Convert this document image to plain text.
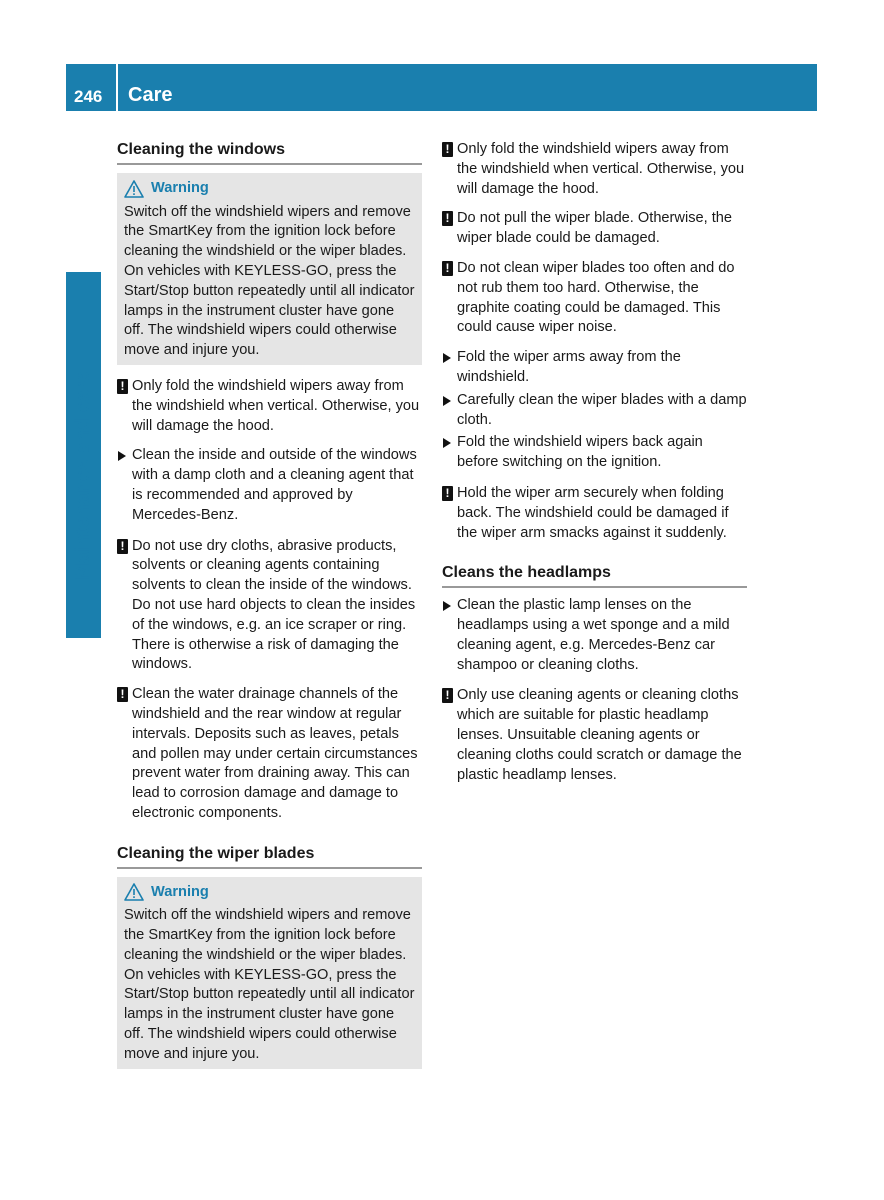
246 Care
Maintenance and care
Cleaning the windows
Warning

Switch off the windshield wipers and remove the SmartKey from the ignition lock before cleaning the windshield or the wiper blades. On vehicles with KEYLESS-GO, press the Start/Stop button repeatedly until all indicator lamps in the instrument cluster have gone off. The windshield wipers could otherwise move and injure you.

! Only fold the windshield wipers away from the windshield when vertical. Otherwise, you will damage the hood.

Clean the inside and outside of the windows with a damp cloth and a cleaning agent that is recommended and approved by Mercedes-Benz.

! Do not use dry cloths, abrasive products, solvents or cleaning agents containing solvents to clean the inside of the windows. Do not use hard objects to clean the insides of the windows, e.g. an ice scraper or ring. There is otherwise a risk of damaging the windows.

! Clean the water drainage channels of the windshield and the rear window at regular intervals. Deposits such as leaves, petals and pollen may under certain circumstances prevent water from draining away. This can lead to corrosion damage and damage to electronic components.

Cleaning the wiper blades
Warning

Switch off the windshield wipers and remove the SmartKey from the ignition lock before cleaning the windshield or the wiper blades. On vehicles with KEYLESS-GO, press the Start/Stop button repeatedly until all indicator lamps in the instrument cluster have gone off. The windshield wipers could otherwise move and injure you.

! Only fold the windshield wipers away from the windshield when vertical. Otherwise, you will damage the hood.

! Do not pull the wiper blade. Otherwise, the wiper blade could be damaged.

! Do not clean wiper blades too often and do not rub them too hard. Otherwise, the graphite coating could be damaged. This could cause wiper noise.

Fold the wiper arms away from the windshield.

Carefully clean the wiper blades with a damp cloth.

Fold the windshield wipers back again before switching on the ignition.

! Hold the wiper arm securely when folding back. The windshield could be damaged if the wiper arm smacks against it suddenly.

Cleans the headlamps

Clean the plastic lamp lenses on the headlamps using a wet sponge and a mild cleaning agent, e.g. Mercedes-Benz car shampoo or cleaning cloths.

! Only use cleaning agents or cleaning cloths which are suitable for plastic headlamp lenses. Unsuitable cleaning agents or cleaning cloths could scratch or damage the plastic headlamp lenses.
